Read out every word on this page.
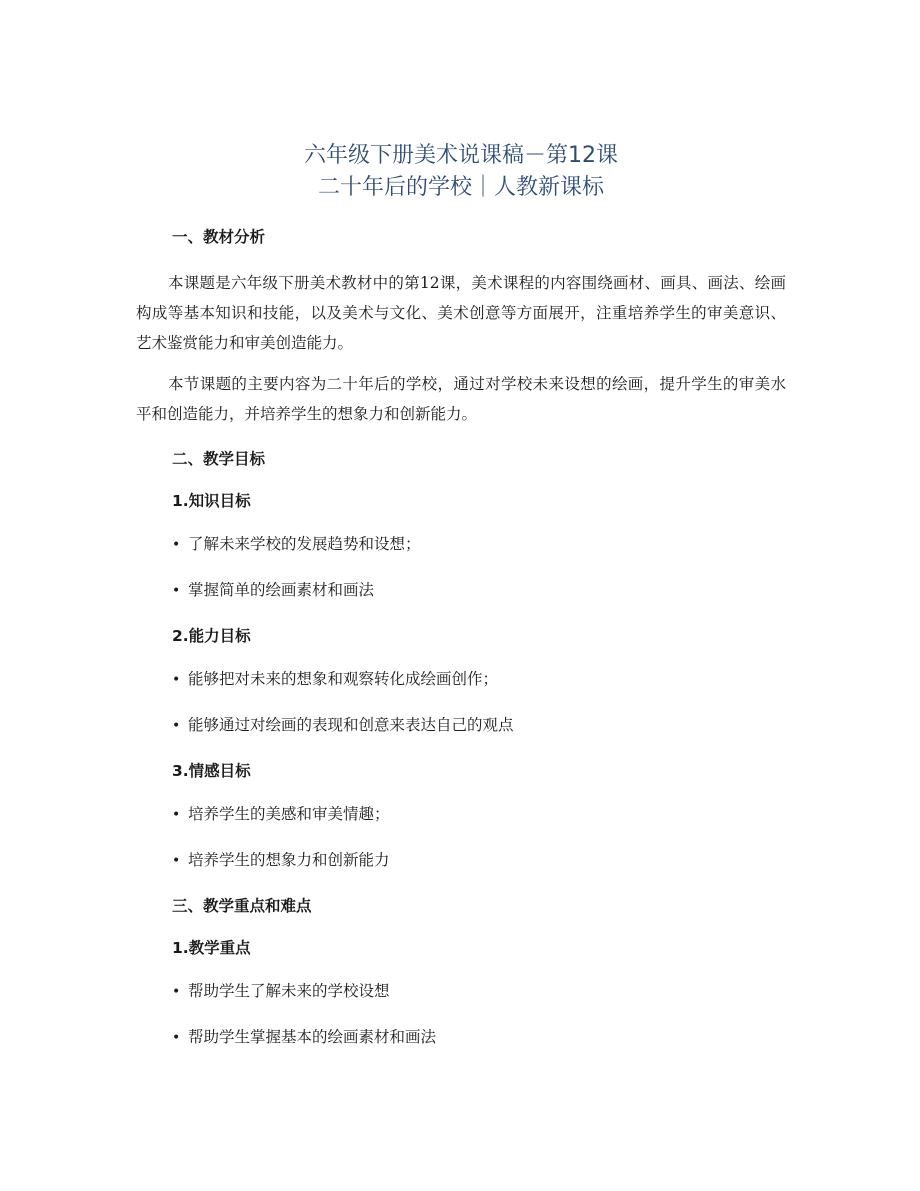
六年级下册美术说课稿－第12课
二十年后的学校｜人教新课标
一、教材分析

本课题是六年级下册美术教材中的第12课，美术课程的内容围绕画材、画具、画法、绘画构成等基本知识和技能，以及美术与文化、美术创意等方面展开，注重培养学生的审美意识、艺术鉴赏能力和审美创造能力。

本节课题的主要内容为二十年后的学校，通过对学校未来设想的绘画，提升学生的审美水平和创造能力，并培养学生的想象力和创新能力。

二、教学目标
1.知识目标
• 了解未来学校的发展趋势和设想；
• 掌握简单的绘画素材和画法
2.能力目标
• 能够把对未来的想象和观察转化成绘画创作；
• 能够通过对绘画的表现和创意来表达自己的观点
3.情感目标
• 培养学生的美感和审美情趣；
• 培养学生的想象力和创新能力
三、教学重点和难点
1.教学重点
• 帮助学生了解未来的学校设想
• 帮助学生掌握基本的绘画素材和画法
